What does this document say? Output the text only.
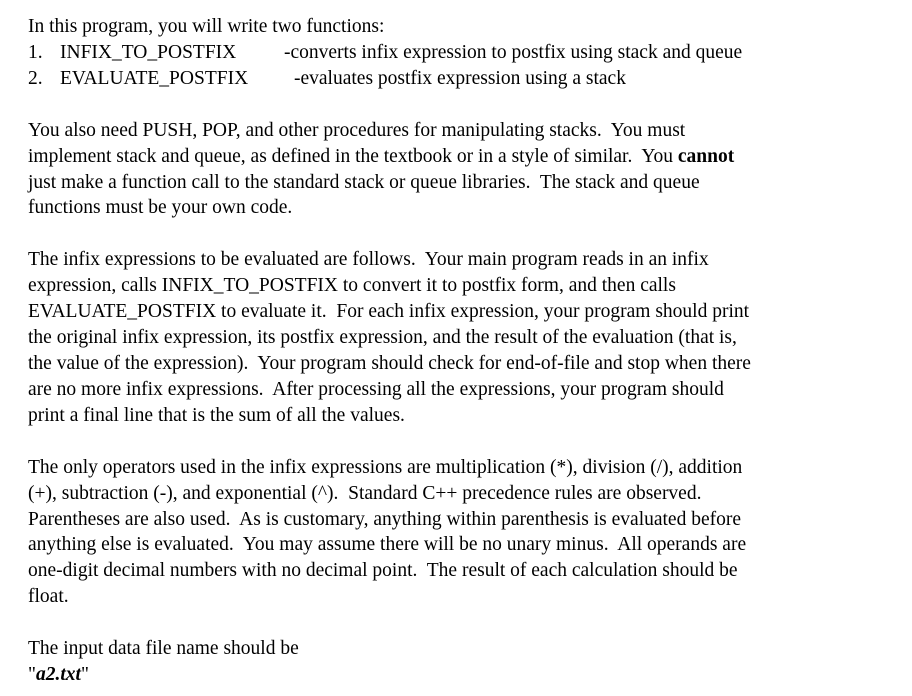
In this program, you will write two functions:
1. INFIX_TO_POSTFIX -converts infix expression to postfix using stack and queue
2. EVALUATE_POSTFIX -evaluates postfix expression using a stack

You also need PUSH, POP, and other procedures for manipulating stacks.  You must
implement stack and queue, as defined in the textbook or in a style of similar.  You cannot
just make a function call to the standard stack or queue libraries.  The stack and queue
functions must be your own code.

The infix expressions to be evaluated are follows.  Your main program reads in an infix
expression, calls INFIX_TO_POSTFIX to convert it to postfix form, and then calls
EVALUATE_POSTFIX to evaluate it.  For each infix expression, your program should print
the original infix expression, its postfix expression, and the result of the evaluation (that is,
the value of the expression).  Your program should check for end-of-file and stop when there
are no more infix expressions.  After processing all the expressions, your program should
print a final line that is the sum of all the values.

The only operators used in the infix expressions are multiplication (*), division (/), addition
(+), subtraction (-), and exponential (^).  Standard C++ precedence rules are observed.
Parentheses are also used.  As is customary, anything within parenthesis is evaluated before
anything else is evaluated.  You may assume there will be no unary minus.  All operands are
one-digit decimal numbers with no decimal point.  The result of each calculation should be
float.

The input data file name should be
"a2.txt"
